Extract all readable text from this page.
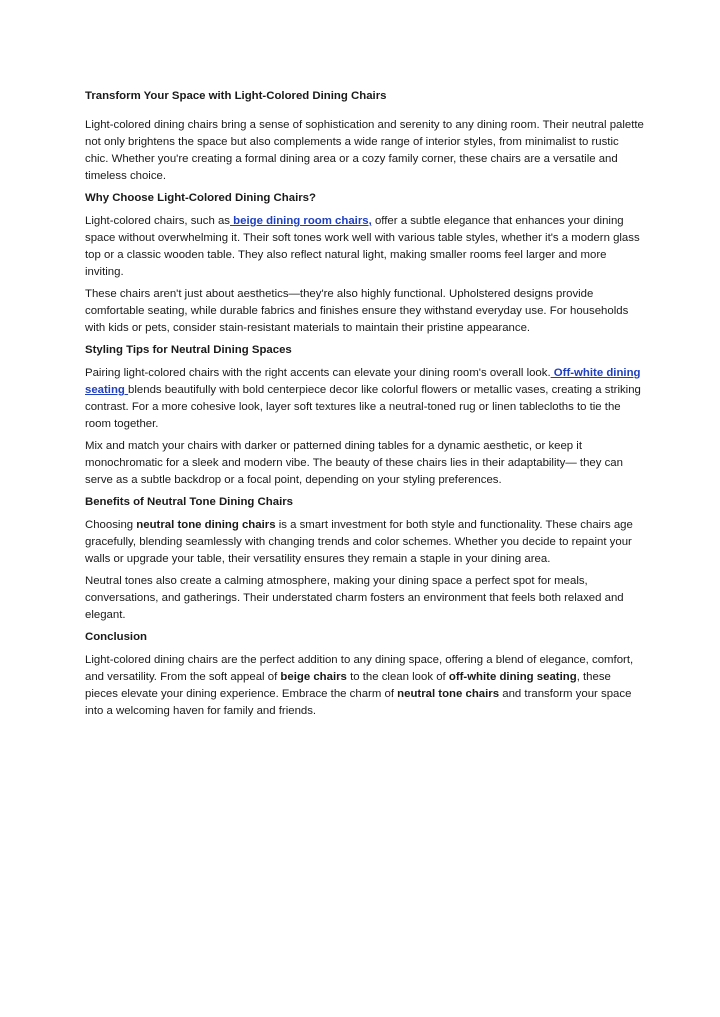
Transform Your Space with Light-Colored Dining Chairs

Light-colored dining chairs bring a sense of sophistication and serenity to any dining room. Their neutral palette not only brightens the space but also complements a wide range of interior styles, from minimalist to rustic chic. Whether you're creating a formal dining area or a cozy family corner, these chairs are a versatile and timeless choice.

Why Choose Light-Colored Dining Chairs?

Light-colored chairs, such as beige dining room chairs, offer a subtle elegance that enhances your dining space without overwhelming it. Their soft tones work well with various table styles, whether it's a modern glass top or a classic wooden table. They also reflect natural light, making smaller rooms feel larger and more inviting.

These chairs aren't just about aesthetics—they're also highly functional. Upholstered designs provide comfortable seating, while durable fabrics and finishes ensure they withstand everyday use. For households with kids or pets, consider stain-resistant materials to maintain their pristine appearance.

Styling Tips for Neutral Dining Spaces

Pairing light-colored chairs with the right accents can elevate your dining room's overall look. Off-white dining seating blends beautifully with bold centerpiece decor like colorful flowers or metallic vases, creating a striking contrast. For a more cohesive look, layer soft textures like a neutral-toned rug or linen tablecloths to tie the room together.

Mix and match your chairs with darker or patterned dining tables for a dynamic aesthetic, or keep it monochromatic for a sleek and modern vibe. The beauty of these chairs lies in their adaptability— they can serve as a subtle backdrop or a focal point, depending on your styling preferences.

Benefits of Neutral Tone Dining Chairs

Choosing neutral tone dining chairs is a smart investment for both style and functionality. These chairs age gracefully, blending seamlessly with changing trends and color schemes. Whether you decide to repaint your walls or upgrade your table, their versatility ensures they remain a staple in your dining area.

Neutral tones also create a calming atmosphere, making your dining space a perfect spot for meals, conversations, and gatherings. Their understated charm fosters an environment that feels both relaxed and elegant.

Conclusion

Light-colored dining chairs are the perfect addition to any dining space, offering a blend of elegance, comfort, and versatility. From the soft appeal of beige chairs to the clean look of off-white dining seating, these pieces elevate your dining experience. Embrace the charm of neutral tone chairs and transform your space into a welcoming haven for family and friends.
